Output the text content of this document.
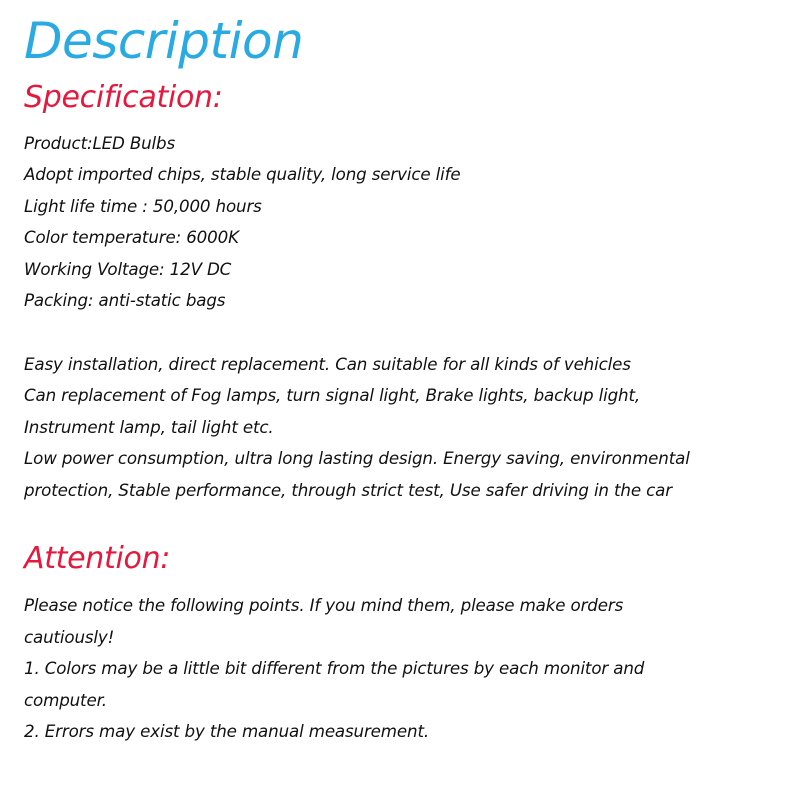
Description
Specification:
Product:LED Bulbs
Adopt imported chips, stable quality, long service life
Light life time : 50,000 hours
Color temperature: 6000K
Working Voltage: 12V DC
Packing: anti-static bags
Easy installation, direct replacement. Can suitable for all kinds of vehicles
Can replacement of Fog lamps, turn signal light, Brake lights, backup light,
Instrument lamp, tail light etc.
Low power consumption, ultra long lasting design. Energy saving, environmental
protection, Stable performance, through strict test, Use safer driving in the car
Attention:
Please notice the following points. If you mind them, please make orders
cautiously!
1. Colors may be a little bit different from the pictures by each monitor and
computer.
2. Errors may exist by the manual measurement.
